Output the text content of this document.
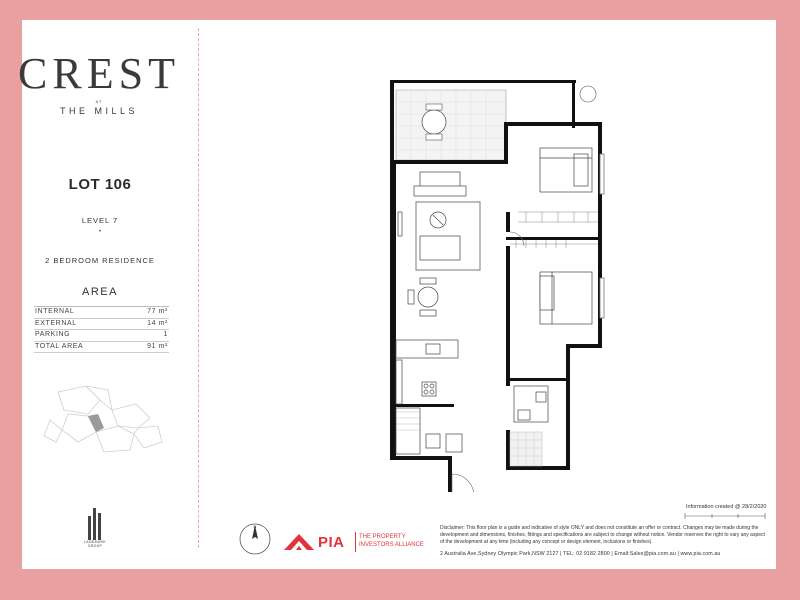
CREST
AT
THE MILLS
LOT 106
LEVEL 7
•
2 BEDROOM RESIDENCE
AREA
INTERNAL	77 m²
EXTERNAL	14 m²
PARKING	1
TOTAL AREA	91 m²
LANDMARK GROUP
N
PIA THE PROPERTY
INVESTORS ALLIANCE
Information created @ 28/2/2020
Disclaimer: This floor plan is a guide and indicative of style ONLY and does not constitute an offer or contract. Changes may be made during the development and dimensions, finishes, fittings and specifications are subject to change without notice. Vendor reserves the right to vary any aspect of the development at any time (including any concept or design element, inclusions or finishes).
2 Australia Ave,Sydney Olympic Park,NSW 2127 | TEL: 02 9182 2800 | Email:Sales@pia.com.au | www.pia.com.au
